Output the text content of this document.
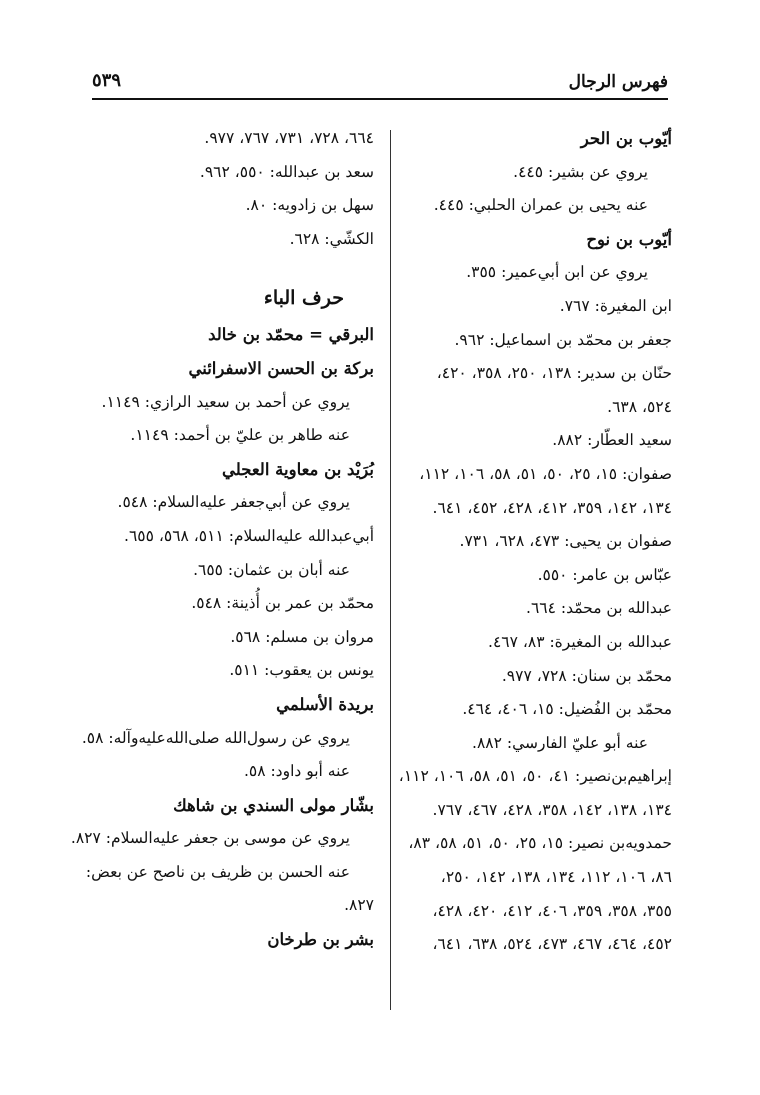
فهرس الرجال
٥٣٩
أيّوب بن الحر
يروي عن بشير: ٤٤٥.
عنه يحيى بن عمران الحلبي: ٤٤٥.
أيّوب بن نوح
يروي عن ابن أبي‌عمير: ٣٥٥.
ابن المغيرة: ٧٦٧.
جعفر بن محمّد بن اسماعيل: ٩٦٢.
حنّان بن سدير: ١٣٨، ٢٥٠، ٣٥٨، ٤٢٠،
٥٢٤، ٦٣٨.
سعيد العطّار: ٨٨٢.
صفوان: ١٥، ٢٥، ٥٠، ٥١، ٥٨، ١٠٦، ١١٢،
١٣٤، ١٤٢، ٣٥٩، ٤١٢، ٤٢٨، ٤٥٢، ٦٤١.
صفوان بن يحيى: ٤٧٣، ٦٢٨، ٧٣١.
عبّاس بن عامر: ٥٥٠.
عبدالله بن محمّد: ٦٦٤.
عبدالله بن المغيرة: ٨٣، ٤٦٧.
محمّد بن سنان: ٧٢٨، ٩٧٧.
محمّد بن الفُضيل: ١٥، ٤٠٦، ٤٦٤.
عنه أبو عليّ الفارسي: ٨٨٢.
إبراهيم‌بن‌نصير: ٤١، ٥٠، ٥١، ٥٨، ١٠٦، ١١٢،
١٣٤، ١٣٨، ١٤٢، ٣٥٨، ٤٢٨، ٤٦٧، ٧٦٧.
حمدويه‌بن نصير: ١٥، ٢٥، ٥٠، ٥١، ٥٨، ٨٣،
٨٦، ١٠٦، ١١٢، ١٣٤، ١٣٨، ١٤٢، ٢٥٠،
٣٥٥، ٣٥٨، ٣٥٩، ٤٠٦، ٤١٢، ٤٢٠، ٤٢٨،
٤٥٢، ٤٦٤، ٤٦٧، ٤٧٣، ٥٢٤، ٦٣٨، ٦٤١،
٦٦٤، ٧٢٨، ٧٣١، ٧٦٧، ٩٧٧.
سعد بن عبدالله: ٥٥٠، ٩٦٢.
سهل بن زادويه: ٨٠.
الكشّي: ٦٢٨.
حرف الباء
البرقي = محمّد بن خالد
بركة بن الحسن الاسفرائني
يروي عن أحمد بن سعيد الرازي: ١١٤٩.
عنه طاهر بن عليّ بن أحمد: ١١٤٩.
بُرَيْد بن معاوية العجلي
يروي عن أبي‌جعفر عليه‌السلام: ٥٤٨.
أبي‌عبدالله عليه‌السلام: ٥١١، ٥٦٨، ٦٥٥.
عنه أبان بن عثمان: ٦٥٥.
محمّد بن عمر بن أُذينة: ٥٤٨.
مروان بن مسلم: ٥٦٨.
يونس بن يعقوب: ٥١١.
بريدة الأسلمي
يروي عن رسول‌الله صلى‌الله‌عليه‌وآله: ٥٨.
عنه أبو داود: ٥٨.
بشّار مولى السندي بن شاهك
يروي عن موسى بن جعفر عليه‌السلام: ٨٢٧.
عنه الحسن بن ظريف بن ناصح عن بعض:
٨٢٧.
بشر بن طرخان
